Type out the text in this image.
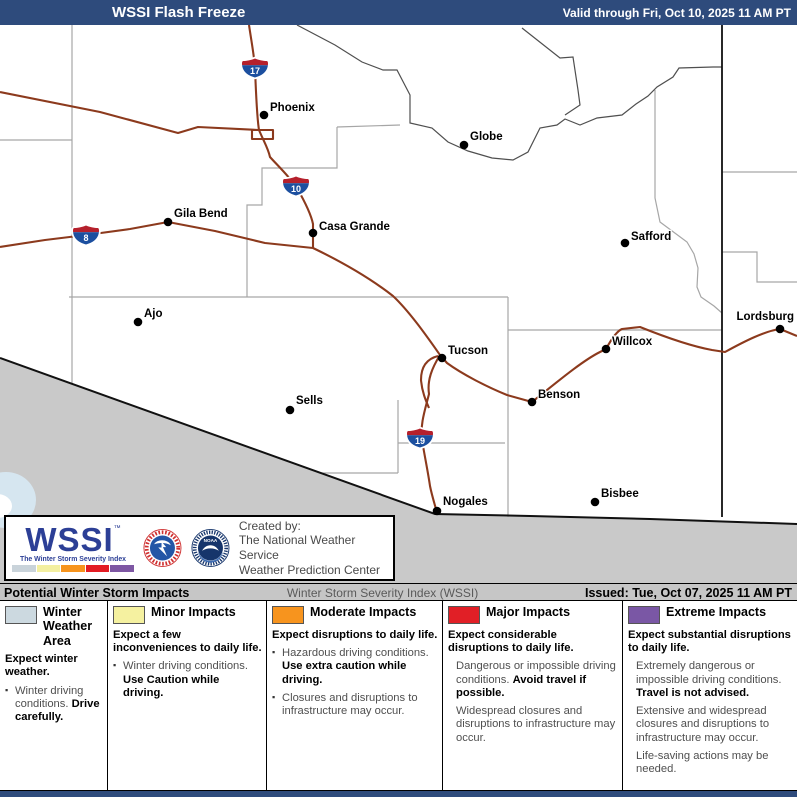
WSSI Flash Freeze	Valid through Fri, Oct 10, 2025 11 AM PT
17
10
8
19
Phoenix
Globe
Gila Bend
Casa Grande
Safford
Ajo
Tucson
Willcox
Lordsburg
Sells	Benson
Nogales
Bisbee
WSSI™
The Winter Storm Severity Index
NOAA
Created by:
The National Weather Service
Weather Prediction Center
Potential Winter Storm Impacts	Winter Storm Severity Index (WSSI)	Issued: Tue, Oct 07, 2025 11 AM PT
Winter Weather Area
Expect winter weather.
▪ Winter driving conditions. Drive carefully.
Minor Impacts
Expect a few inconveniences to daily life.
▪ Winter driving conditions. Use Caution while driving.
Moderate Impacts
Expect disruptions to daily life.
▪ Hazardous driving conditions. Use extra caution while driving.
▪ Closures and disruptions to infrastructure may occur.
Major Impacts
Expect considerable disruptions to daily life.
Dangerous or impossible driving conditions. Avoid travel if possible.
Widespread closures and disruptions to infrastructure may occur.
Extreme Impacts
Expect substantial disruptions to daily life.
Extremely dangerous or impossible driving conditions. Travel is not advised.
Extensive and widespread closures and disruptions to infrastructure may occur.
Life-saving actions may be needed.
